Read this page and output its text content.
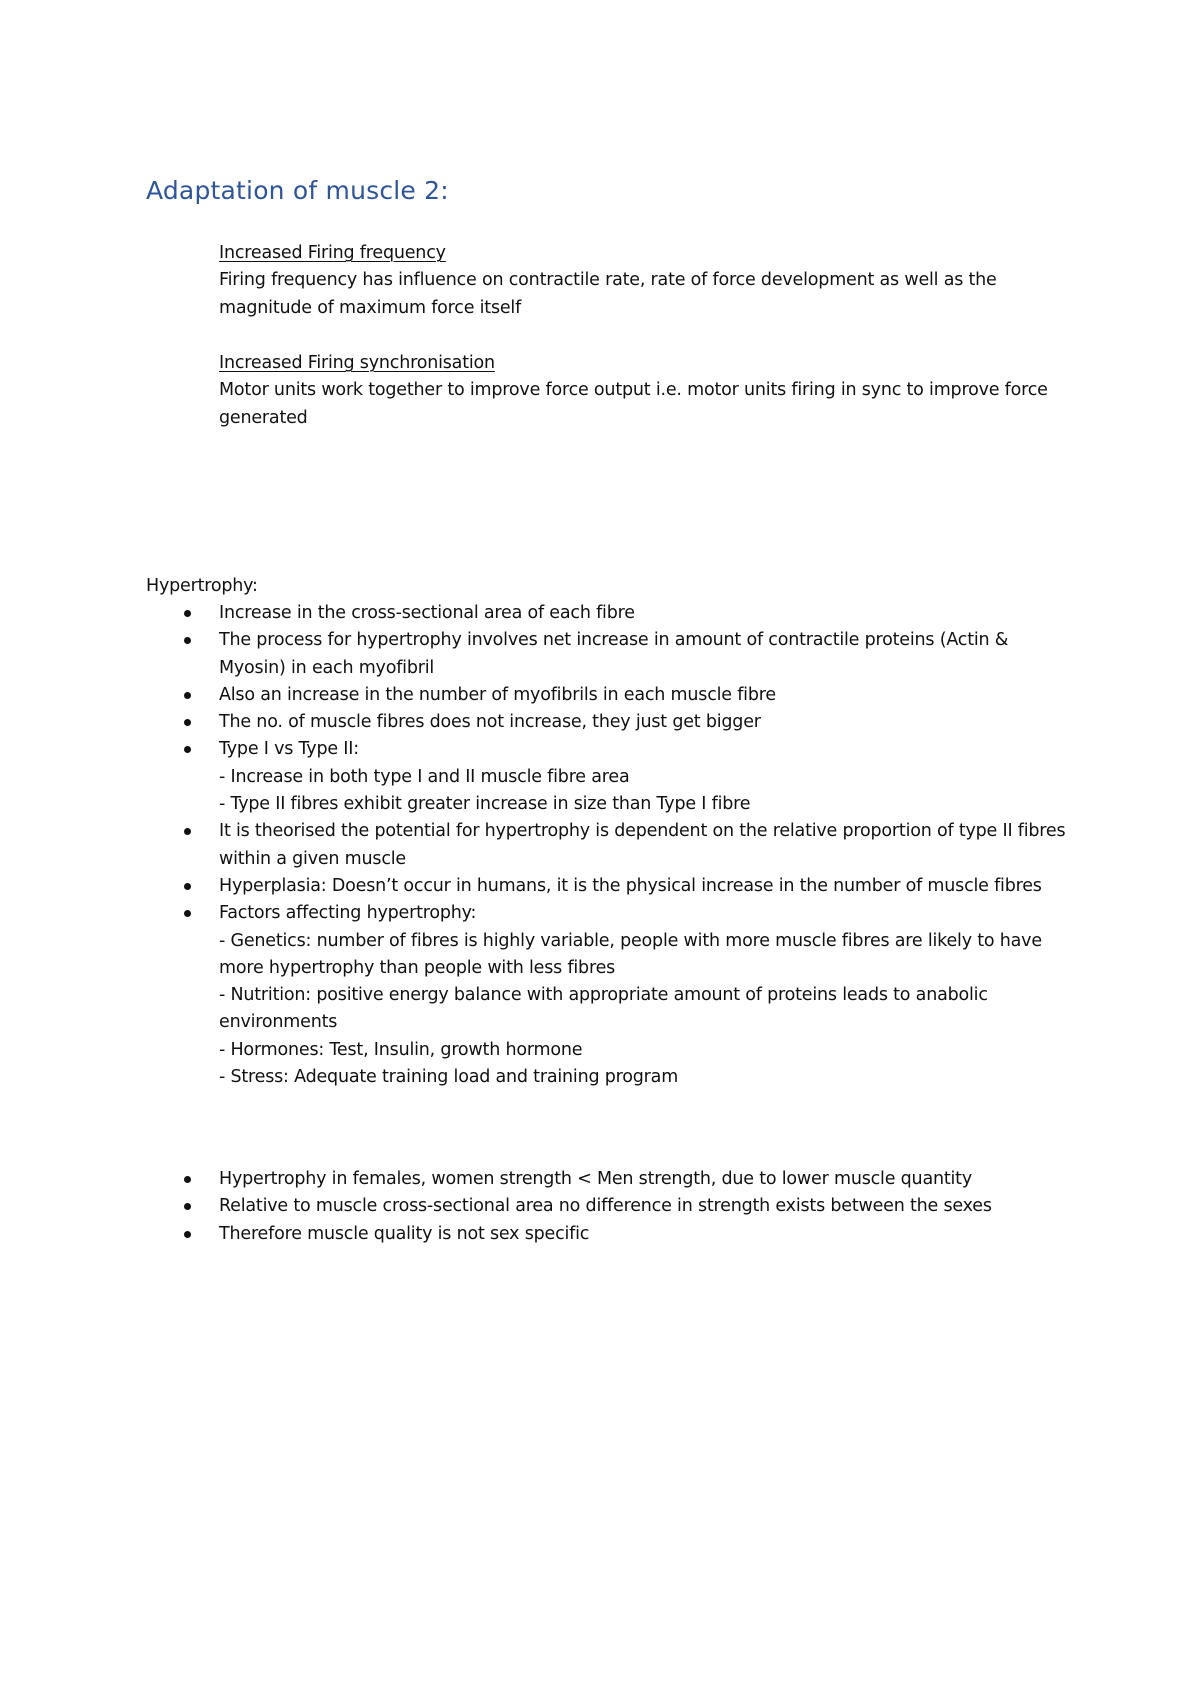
Adaptation of muscle 2:

Increased Firing frequency

Firing frequency has influence on contractile rate, rate of force development as well as the magnitude of maximum force itself

Increased Firing synchronisation

Motor units work together to improve force output i.e. motor units firing in sync to improve force generated

Hypertrophy:
Increase in the cross-sectional area of each fibre
The process for hypertrophy involves net increase in amount of contractile proteins (Actin & Myosin) in each myofibril
Also an increase in the number of myofibrils in each muscle fibre
The no. of muscle fibres does not increase, they just get bigger
Type I vs Type II:
- Increase in both type I and II muscle fibre area
- Type II fibres exhibit greater increase in size than Type I fibre
It is theorised the potential for hypertrophy is dependent on the relative proportion of type II fibres within a given muscle
Hyperplasia: Doesn’t occur in humans, it is the physical increase in the number of muscle fibres
Factors affecting hypertrophy:
- Genetics: number of fibres is highly variable, people with more muscle fibres are likely to have more hypertrophy than people with less fibres
- Nutrition: positive energy balance with appropriate amount of proteins leads to anabolic environments
- Hormones: Test, Insulin, growth hormone
- Stress: Adequate training load and training program
Hypertrophy in females, women strength < Men strength, due to lower muscle quantity
Relative to muscle cross-sectional area no difference in strength exists between the sexes
Therefore muscle quality is not sex specific
